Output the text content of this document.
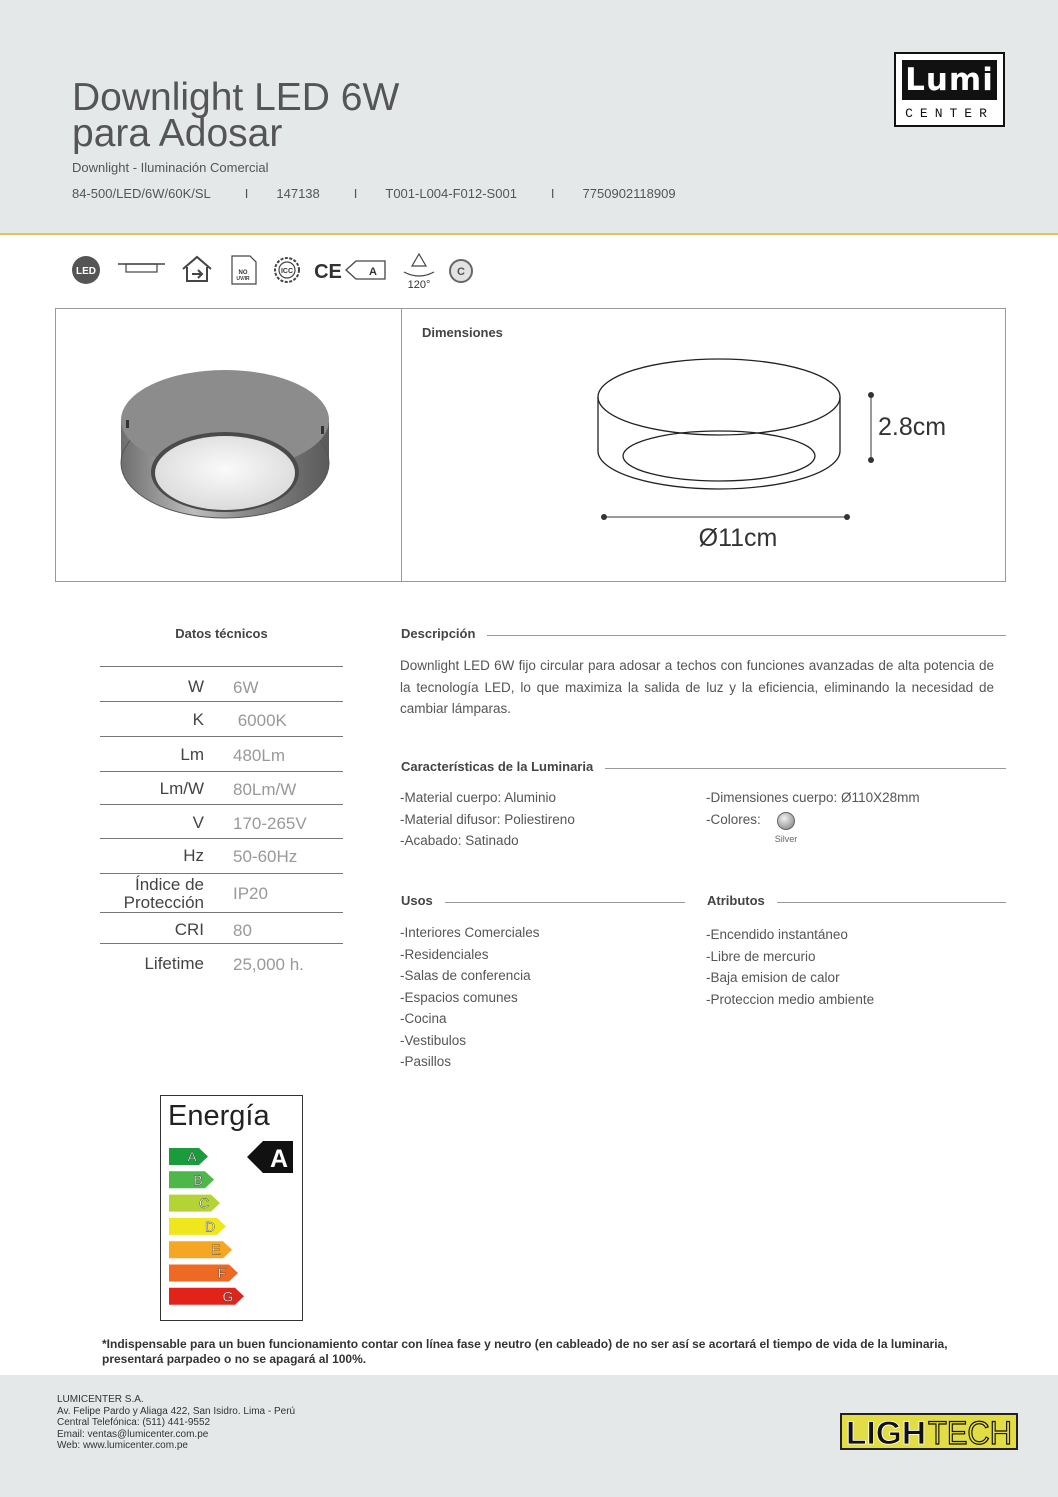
Downlight LED 6W
para Adosar
Downlight - Iluminación Comercial
84-500/LED/6W/60K/SL	I 147138	I T001-L004-F012-S001	I 7750902118909
Lumi
CENTER
LED	NO
UV/IR
ICC CE A
120°
C
Dimensiones
2.8cm
Ø11cm
Datos técnicos
W 6W
K 6000K
Lm 480Lm
Lm/W 80Lm/W
V 170-265V
Hz 50-60Hz
Índice de
Protección IP20
CRI 80
Lifetime 25,000 h.
Descripción
Downlight LED 6W fijo circular para adosar a techos con funciones avanzadas de alta potencia de la tecnología LED, lo que maximiza la salida de luz y la eficiencia, eliminando la necesidad de cambiar lámparas.
Características de la Luminaria
-Material cuerpo: Aluminio
-Material difusor: Poliestireno
-Acabado: Satinado
-Dimensiones cuerpo: Ø110X28mm
-Colores:
Silver
Usos
-Interiores Comerciales
-Residenciales
-Salas de conferencia
-Espacios comunes
-Cocina
-Vestibulos
-Pasillos
Atributos
-Encendido instantáneo
-Libre de mercurio
-Baja emision de calor
-Proteccion medio ambiente
Energía
A
A
B
C
D
E
F
G
*Indispensable para un buen funcionamiento contar con línea fase y neutro (en cableado) de no ser así se acortará el tiempo de vida de la luminaria, presentará parpadeo o no se apagará al 100%.
LUMICENTER S.A.
Av. Felipe Pardo y Aliaga 422, San Isidro. Lima - Perú
Central Telefónica: (511) 441-9552
Email: ventas@lumicenter.com.pe
Web: www.lumicenter.com.pe	LIGH TECH
